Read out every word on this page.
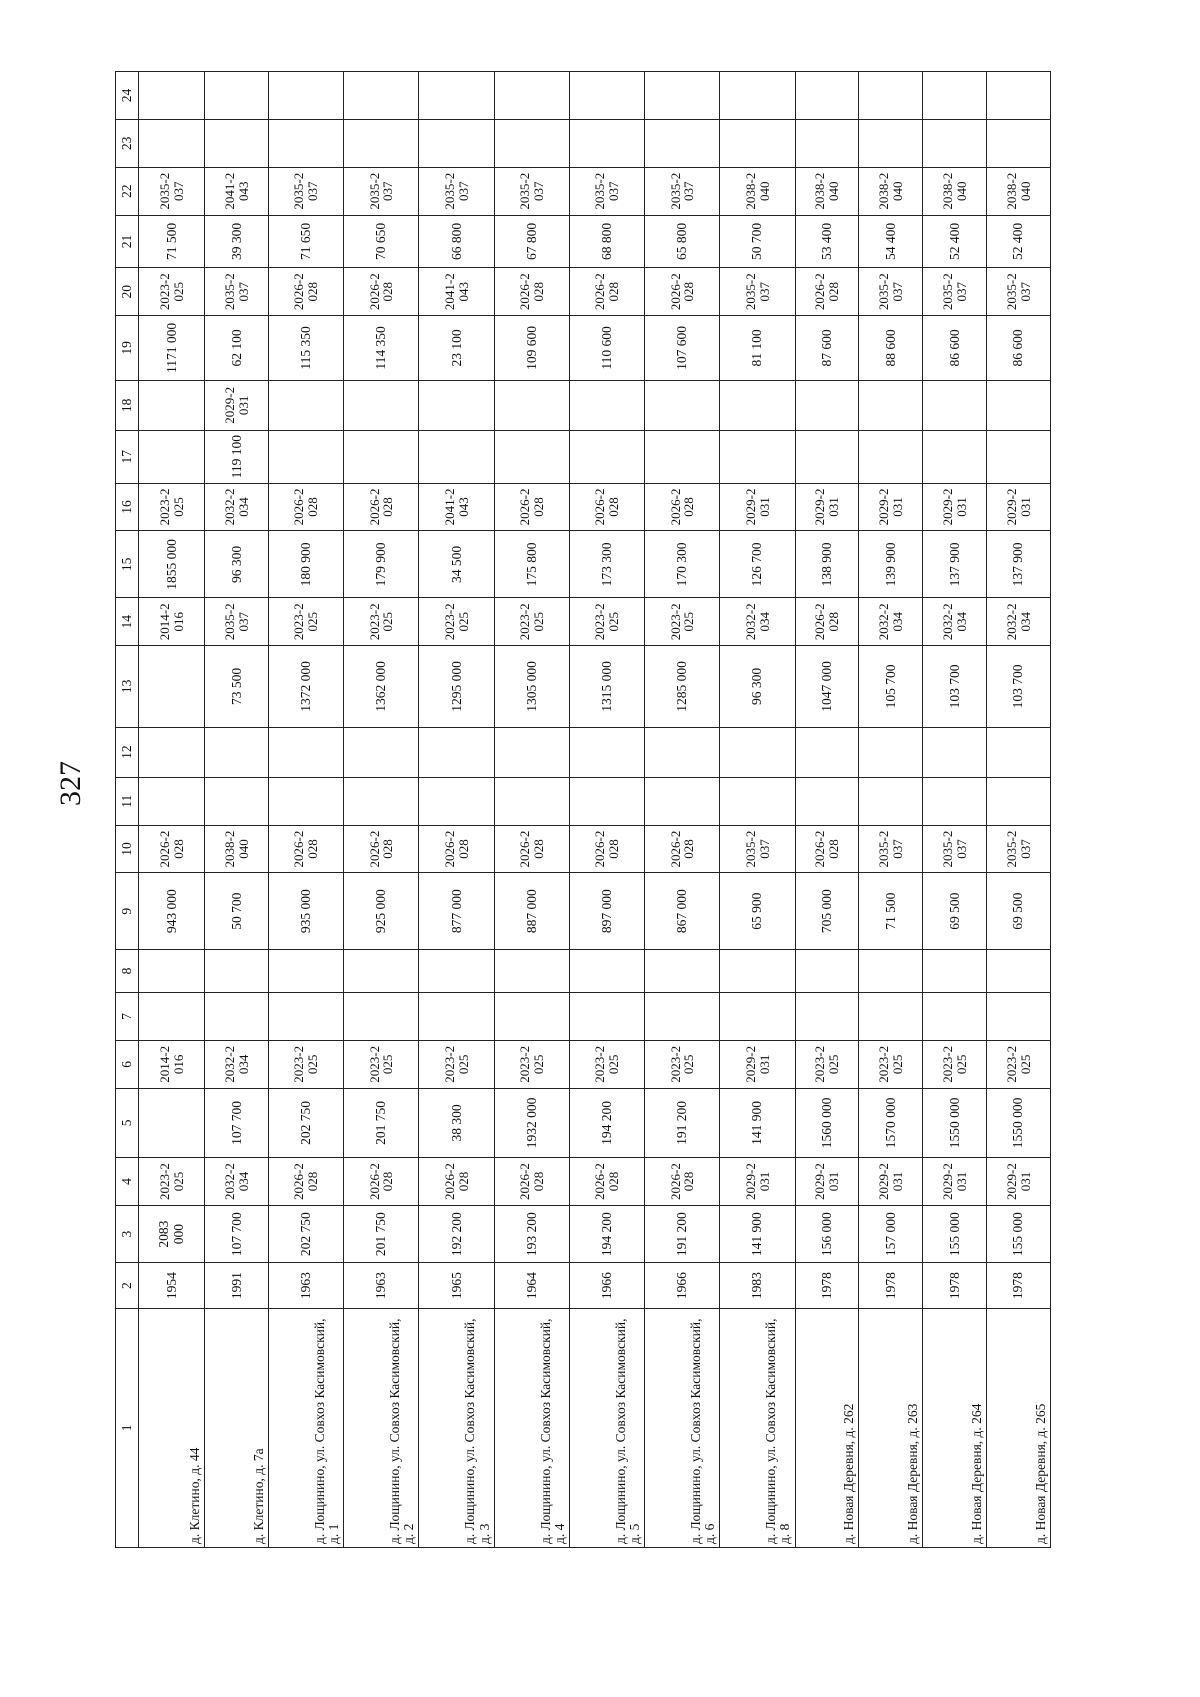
327
1	2	3	4	5	6	7	8	9	10	11	12	13	14	15	16	17	18	19	20	21	22	23	24
д. Клетино, д. 44	1954	2083 000	2023-2025		2014-2016			943 000	2026-2028				2014-2016	1855 000	2023-2025			1171 000	2023-2025	71 500	2035-2037		
д. Клетино, д. 7а	1991	107 700	2032-2034	107 700	2032-2034			50 700	2038-2040			73 500	2035-2037	96 300	2032-2034	119 100	2029-2031	62 100	2035-2037	39 300	2041-2043		
д. Лощинино, ул. Совхоз Касимовский, д. 1	1963	202 750	2026-2028	202 750	2023-2025			935 000	2026-2028			1372 000	2023-2025	180 900	2026-2028			115 350	2026-2028	71 650	2035-2037		
д. Лощинино, ул. Совхоз Касимовский, д. 2	1963	201 750	2026-2028	201 750	2023-2025			925 000	2026-2028			1362 000	2023-2025	179 900	2026-2028			114 350	2026-2028	70 650	2035-2037		
д. Лощинино, ул. Совхоз Касимовский, д. 3	1965	192 200	2026-2028	38 300	2023-2025			877 000	2026-2028			1295 000	2023-2025	34 500	2041-2043			23 100	2041-2043	66 800	2035-2037		
д. Лощинино, ул. Совхоз Касимовский, д. 4	1964	193 200	2026-2028	1932 000	2023-2025			887 000	2026-2028			1305 000	2023-2025	175 800	2026-2028			109 600	2026-2028	67 800	2035-2037		
д. Лощинино, ул. Совхоз Касимовский, д. 5	1966	194 200	2026-2028	194 200	2023-2025			897 000	2026-2028			1315 000	2023-2025	173 300	2026-2028			110 600	2026-2028	68 800	2035-2037		
д. Лощинино, ул. Совхоз Касимовский, д. 6	1966	191 200	2026-2028	191 200	2023-2025			867 000	2026-2028			1285 000	2023-2025	170 300	2026-2028			107 600	2026-2028	65 800	2035-2037		
д. Лощинино, ул. Совхоз Касимовский, д. 8	1983	141 900	2029-2031	141 900	2029-2031			65 900	2035-2037			96 300	2032-2034	126 700	2029-2031			81 100	2035-2037	50 700	2038-2040		
д. Новая Деревня, д. 262	1978	156 000	2029-2031	1560 000	2023-2025			705 000	2026-2028			1047 000	2026-2028	138 900	2029-2031			87 600	2026-2028	53 400	2038-2040		
д. Новая Деревня, д. 263	1978	157 000	2029-2031	1570 000	2023-2025			71 500	2035-2037			105 700	2032-2034	139 900	2029-2031			88 600	2035-2037	54 400	2038-2040		
д. Новая Деревня, д. 264	1978	155 000	2029-2031	1550 000	2023-2025			69 500	2035-2037			103 700	2032-2034	137 900	2029-2031			86 600	2035-2037	52 400	2038-2040		
д. Новая Деревня, д. 265	1978	155 000	2029-2031	1550 000	2023-2025			69 500	2035-2037			103 700	2032-2034	137 900	2029-2031			86 600	2035-2037	52 400	2038-2040		
